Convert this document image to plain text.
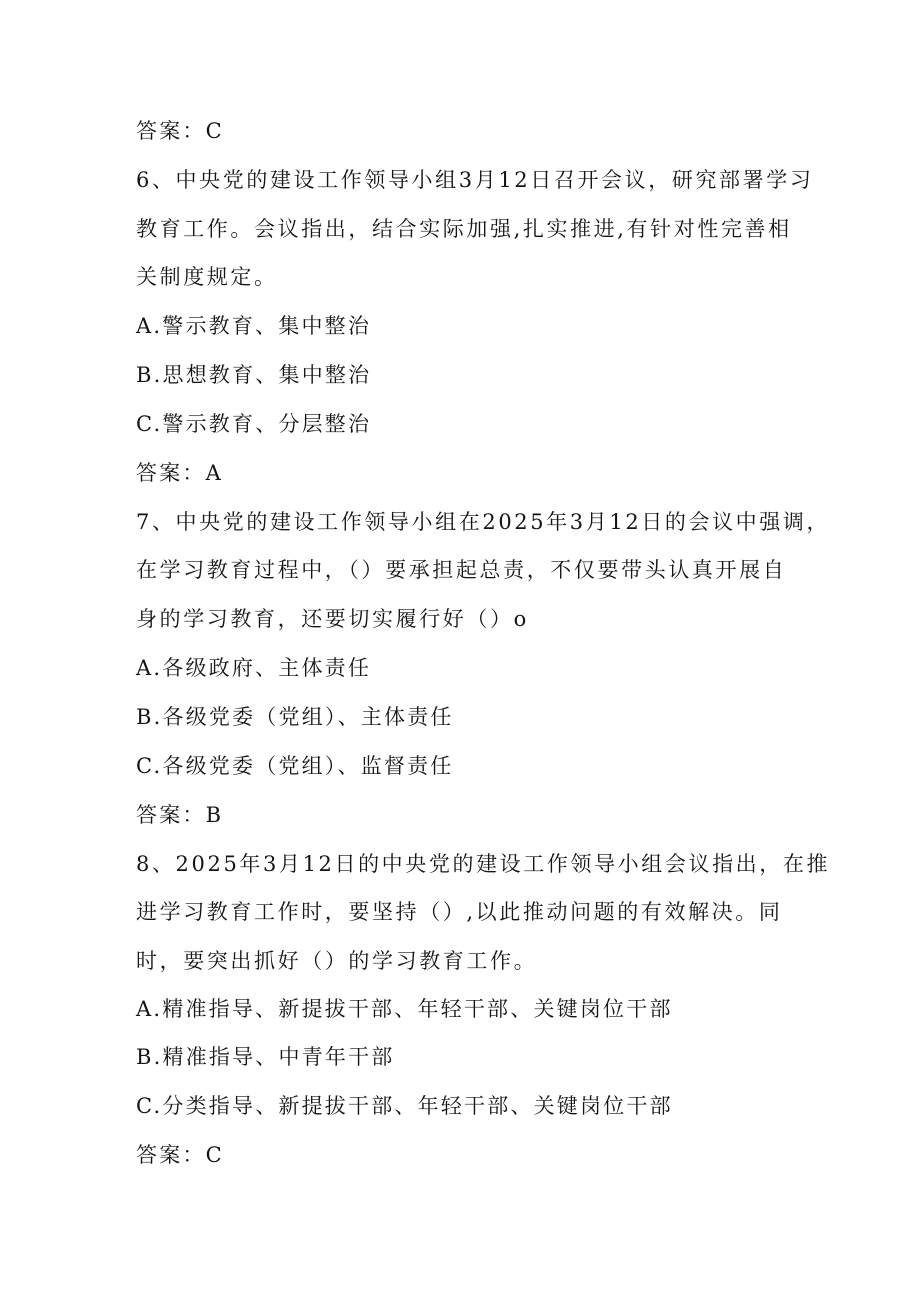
答案：C

6、中央党的建设工作领导小组3月12日召开会议，研究部署学习

教育工作。会议指出，结合实际加强,扎实推进,有针对性完善相

关制度规定。

A.警示教育、集中整治

B.思想教育、集中整治

C.警示教育、分层整治

答案：A

7、中央党的建设工作领导小组在2025年3月12日的会议中强调，

在学习教育过程中，（）要承担起总责，不仅要带头认真开展自

身的学习教育，还要切实履行好（）o

A.各级政府、主体责任

B.各级党委（党组）、主体责任

C.各级党委（党组）、监督责任

答案：B

8、2025年3月12日的中央党的建设工作领导小组会议指出，在推

进学习教育工作时，要坚持（）,以此推动问题的有效解决。同

时，要突出抓好（）的学习教育工作。

A.精准指导、新提拔干部、年轻干部、关键岗位干部

B.精准指导、中青年干部

C.分类指导、新提拔干部、年轻干部、关键岗位干部

答案：C
